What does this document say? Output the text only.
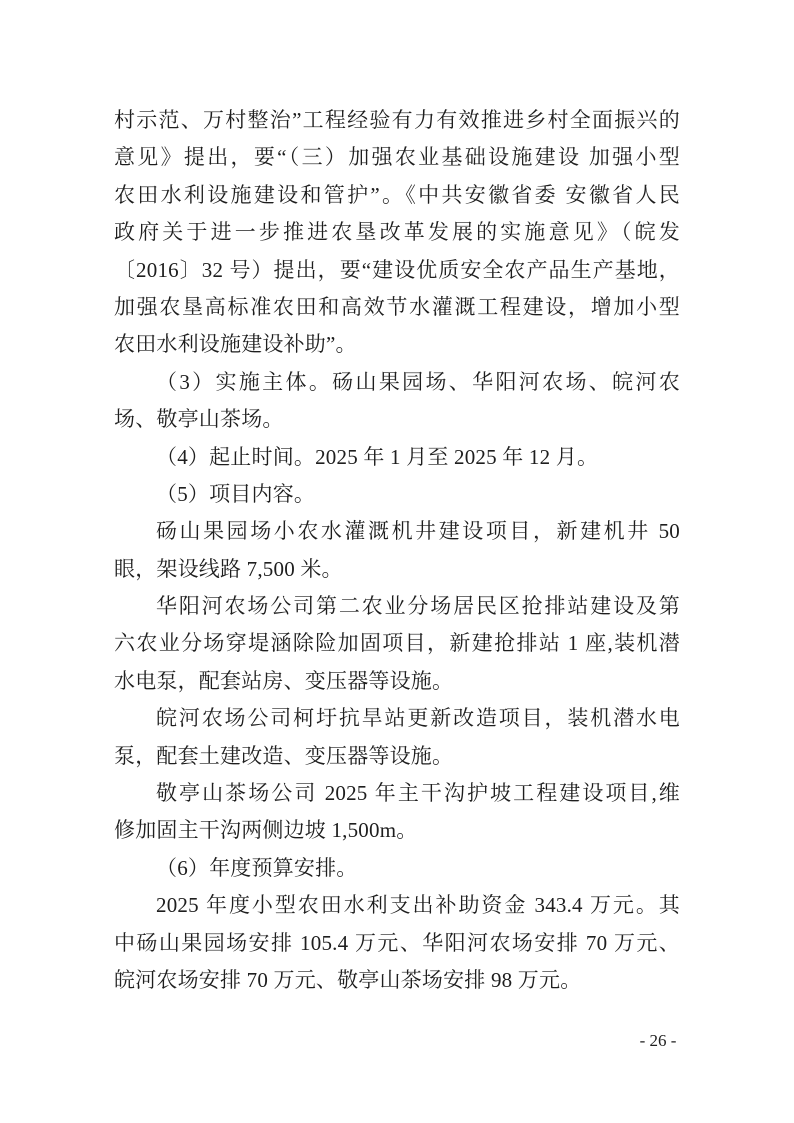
村示范、万村整治”工程经验有力有效推进乡村全面振兴的
意见》提出，要“（三）加强农业基础设施建设 加强小型
农田水利设施建设和管护”。《中共安徽省委 安徽省人民
政府关于进一步推进农垦改革发展的实施意见》（皖发
〔2016〕32 号）提出，要“建设优质安全农产品生产基地，
加强农垦高标准农田和高效节水灌溉工程建设，增加小型
农田水利设施建设补助”。
（3）实施主体。砀山果园场、华阳河农场、皖河农
场、敬亭山茶场。
（4）起止时间。2025 年 1 月至 2025 年 12 月。
（5）项目内容。
砀山果园场小农水灌溉机井建设项目，新建机井 50
眼，架设线路 7,500 米。
华阳河农场公司第二农业分场居民区抢排站建设及第
六农业分场穿堤涵除险加固项目，新建抢排站 1 座,装机潜
水电泵，配套站房、变压器等设施。
皖河农场公司柯圩抗旱站更新改造项目，装机潜水电
泵，配套土建改造、变压器等设施。
敬亭山茶场公司 2025 年主干沟护坡工程建设项目,维
修加固主干沟两侧边坡 1,500m。
（6）年度预算安排。
2025 年度小型农田水利支出补助资金 343.4 万元。其
中砀山果园场安排 105.4 万元、华阳河农场安排 70 万元、
皖河农场安排 70 万元、敬亭山茶场安排 98 万元。
- 26 -
